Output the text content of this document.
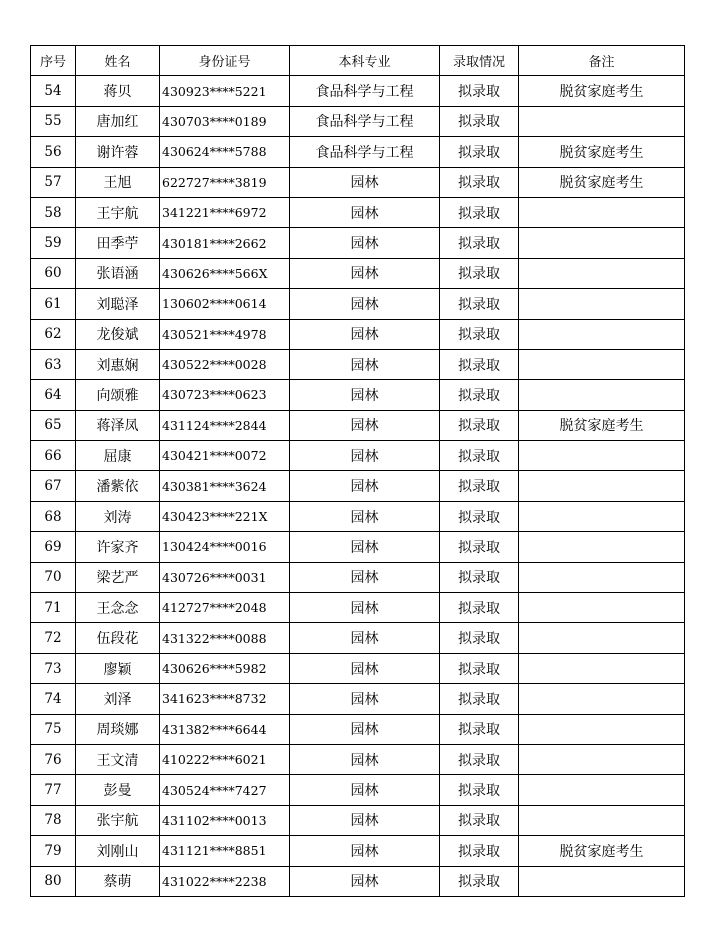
序号	姓名	身份证号	本科专业	录取情况	备注
54	蒋贝	430923****5221	食品科学与工程	拟录取	脱贫家庭考生
55	唐加红	430703****0189	食品科学与工程	拟录取	
56	谢许蓉	430624****5788	食品科学与工程	拟录取	脱贫家庭考生
57	王旭	622727****3819	园林	拟录取	脱贫家庭考生
58	王宇航	341221****6972	园林	拟录取	
59	田季苧	430181****2662	园林	拟录取	
60	张语涵	430626****566X	园林	拟录取	
61	刘聪泽	130602****0614	园林	拟录取	
62	龙俊斌	430521****4978	园林	拟录取	
63	刘惠娴	430522****0028	园林	拟录取	
64	向颂雅	430723****0623	园林	拟录取	
65	蒋泽凤	431124****2844	园林	拟录取	脱贫家庭考生
66	屈康	430421****0072	园林	拟录取	
67	潘紫依	430381****3624	园林	拟录取	
68	刘涛	430423****221X	园林	拟录取	
69	许家齐	130424****0016	园林	拟录取	
70	梁艺严	430726****0031	园林	拟录取	
71	王念念	412727****2048	园林	拟录取	
72	伍段花	431322****0088	园林	拟录取	
73	廖颖	430626****5982	园林	拟录取	
74	刘泽	341623****8732	园林	拟录取	
75	周琰娜	431382****6644	园林	拟录取	
76	王文清	410222****6021	园林	拟录取	
77	彭曼	430524****7427	园林	拟录取	
78	张宇航	431102****0013	园林	拟录取	
79	刘刚山	431121****8851	园林	拟录取	脱贫家庭考生
80	蔡萌	431022****2238	园林	拟录取	
